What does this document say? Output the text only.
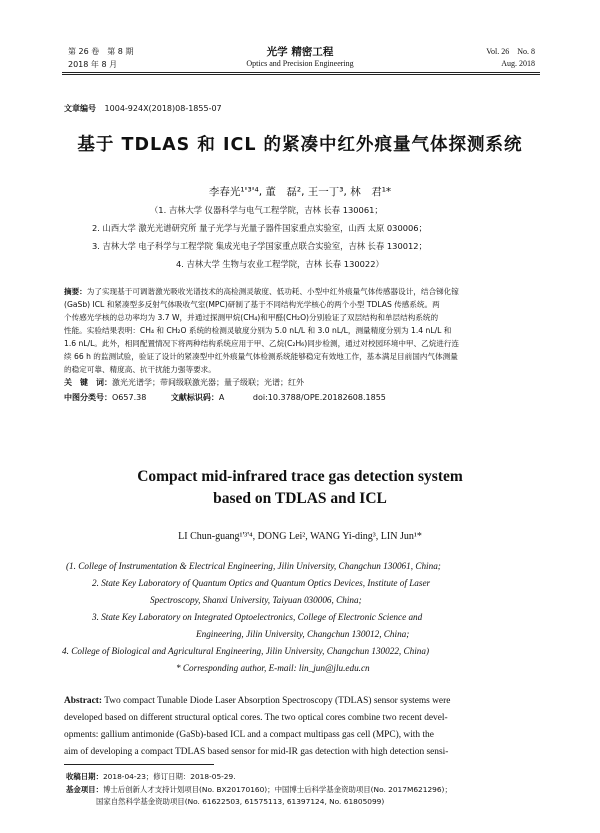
第 26 卷　第 8 期
2018 年 8 月
光学 精密工程
Optics and Precision Engineering
Vol. 26　No. 8
Aug. 2018
文章编号 1004-924X(2018)08-1855-07
基于 TDLAS 和 ICL 的紧凑中红外痕量气体探测系统
李春光¹'³'⁴, 董　磊², 王一丁³, 林　君¹*
（1. 吉林大学 仪器科学与电气工程学院，吉林 长春 130061；
2. 山西大学 激光光谱研究所 量子光学与光量子器件国家重点实验室，山西 太原 030006；
3. 吉林大学 电子科学与工程学院 集成光电子学国家重点联合实验室，吉林 长春 130012；
4. 吉林大学 生物与农业工程学院，吉林 长春 130022）
摘要：为了实现基于可调谐激光吸收光谱技术的高检测灵敏度、低功耗、小型中红外痕量气体传感器设计，结合锑化镓
(GaSb) ICL 和紧凑型多反射气体吸收气室(MPC)研制了基于不同结构光学核心的两个小型 TDLAS 传感系统。两
个传感光学核的总功率均为 3.7 W，并通过探测甲烷(CH₄)和甲醛(CH₂O)分别验证了双层结构和单层结构系统的
性能。实验结果表明：CH₄ 和 CH₂O 系统的检测灵敏度分别为 5.0 nL/L 和 3.0 nL/L，测量精度分别为 1.4 nL/L 和
1.6 nL/L。此外，相同配置情况下将两种结构系统应用于甲、乙烷(C₂H₆)同步检测，通过对校园环境中甲、乙烷进行连
续 66 h 的监测试验，验证了设计的紧凑型中红外痕量气体检测系统能够稳定有效地工作，基本满足目前国内气体测量
的稳定可靠、精度高、抗干扰能力强等要求。
关　键　词：激光光谱学；带间级联激光器；量子级联；光谱；红外
中图分类号：O657.38	文献标识码：A	doi:10.3788/OPE.20182608.1855
Compact mid-infrared trace gas detection system
based on TDLAS and ICL
LI Chun-guang¹'³'⁴, DONG Lei², WANG Yi-ding³, LIN Jun¹*
(1. College of Instrumentation & Electrical Engineering, Jilin University, Changchun 130061, China;
2. State Key Laboratory of Quantum Optics and Quantum Optics Devices, Institute of Laser
Spectroscopy, Shanxi University, Taiyuan 030006, China;
3. State Key Laboratory on Integrated Optoelectronics, College of Electronic Science and
Engineering, Jilin University, Changchun 130012, China;
4. College of Biological and Agricultural Engineering, Jilin University, Changchun 130022, China)
* Corresponding author, E-mail: lin_jun@jlu.edu.cn
Abstract: Two compact Tunable Diode Laser Absorption Spectroscopy (TDLAS) sensor systems were
developed based on different structural optical cores. The two optical cores combine two recent devel-
opments: gallium antimonide (GaSb)-based ICL and a compact multipass gas cell (MPC), with the
aim of developing a compact TDLAS based sensor for mid-IR gas detection with high detection sensi-
收稿日期：2018-04-23；修订日期：2018-05-29.
基金项目：博士后创新人才支持计划项目(No. BX20170160)；中国博士后科学基金资助项目(No. 2017M621296)；
国家自然科学基金资助项目(No. 61622503, 61575113, 61397124, No. 61805099)
